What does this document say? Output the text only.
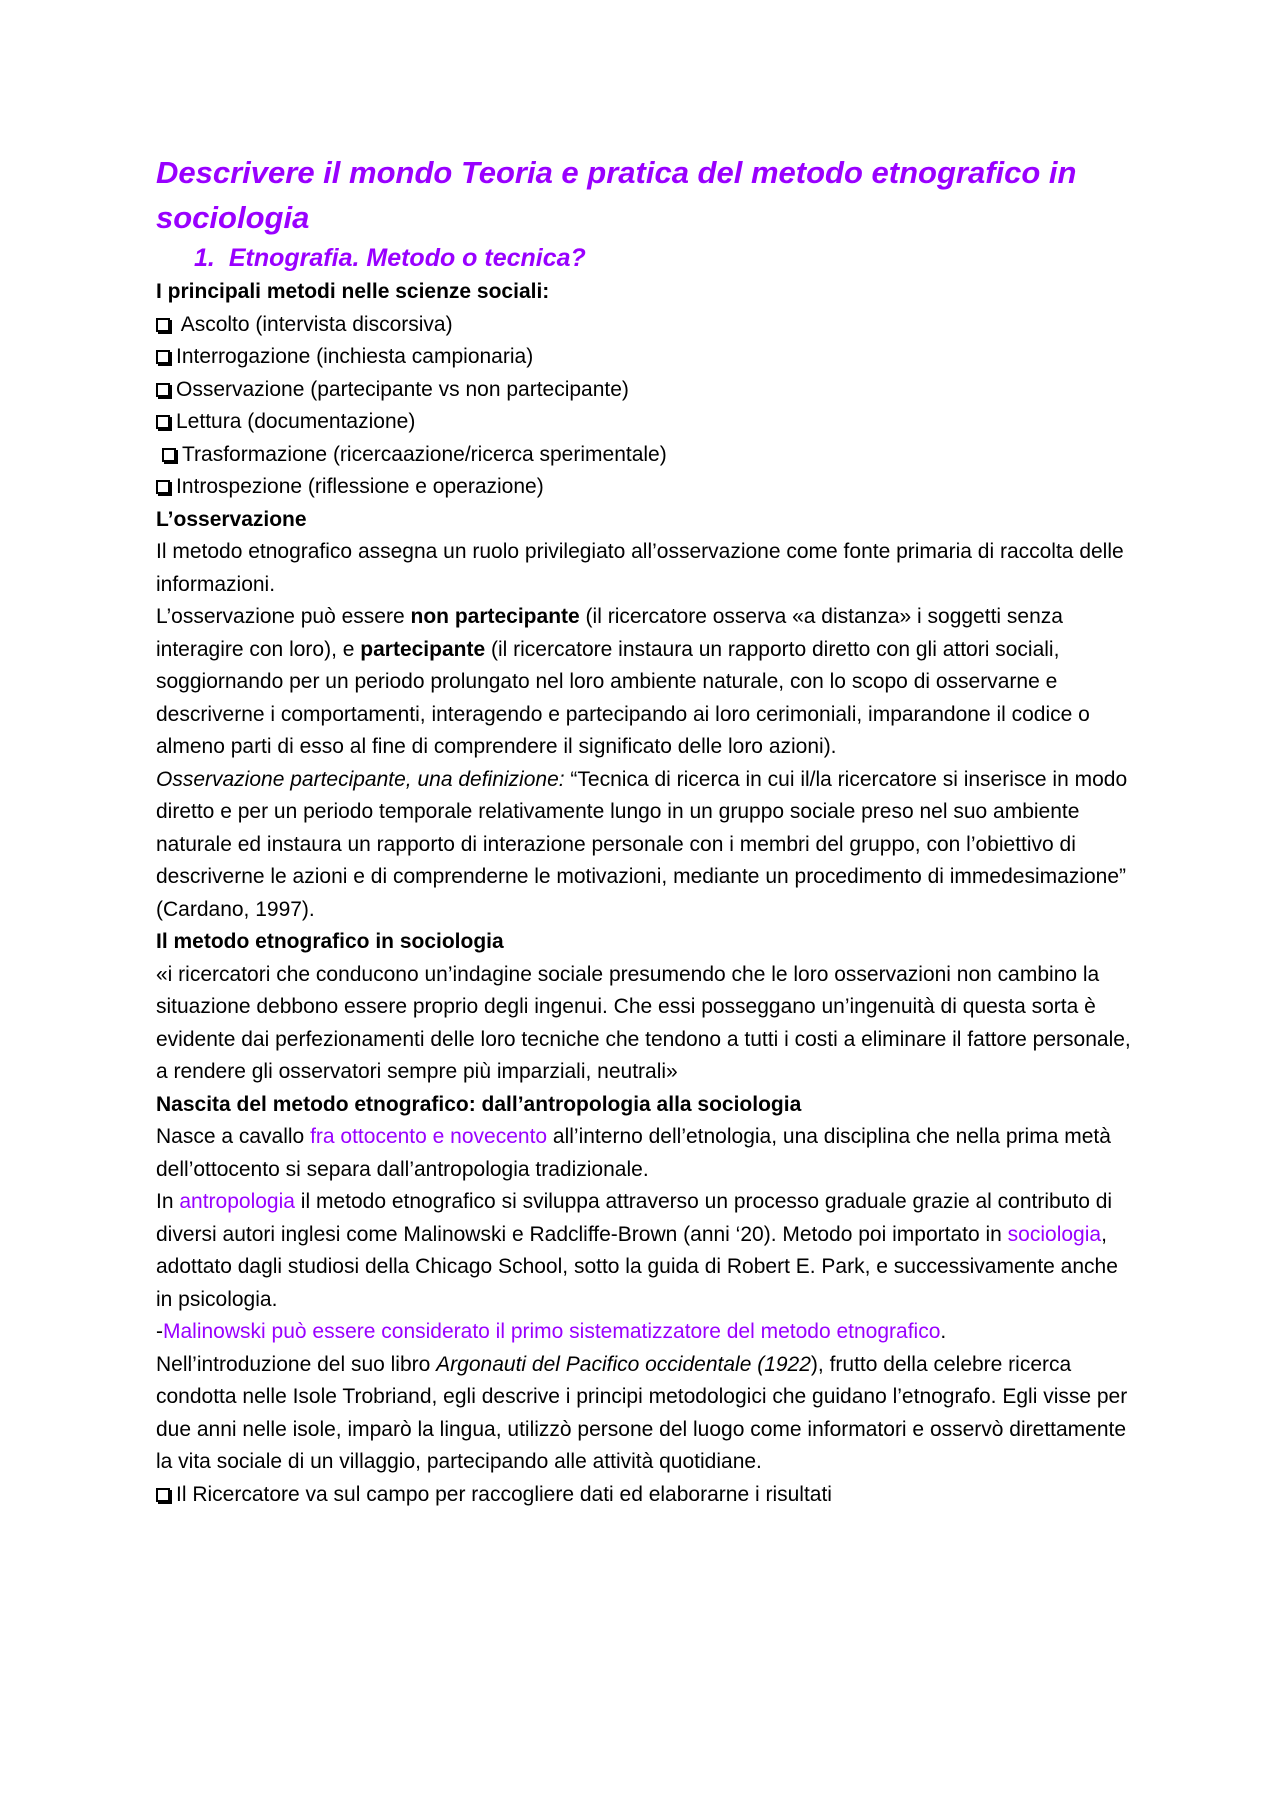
Descrivere il mondo Teoria e pratica del metodo etnografico in sociologia

1. Etnografia. Metodo o tecnica?

I principali metodi nelle scienze sociali:

Ascolto (intervista discorsiva)

Interrogazione (inchiesta campionaria)

Osservazione (partecipante vs non partecipante)

Lettura (documentazione)

Trasformazione (ricercaazione/ricerca sperimentale)

Introspezione (riflessione e operazione)

L’osservazione

Il metodo etnografico assegna un ruolo privilegiato all’osservazione come fonte primaria di raccolta delle informazioni.

L’osservazione può essere non partecipante (il ricercatore osserva «a distanza» i soggetti senza interagire con loro), e partecipante (il ricercatore instaura un rapporto diretto con gli attori sociali, soggiornando per un periodo prolungato nel loro ambiente naturale, con lo scopo di osservarne e descriverne i comportamenti, interagendo e partecipando ai loro cerimoniali, imparandone il codice o almeno parti di esso al fine di comprendere il significato delle loro azioni).

Osservazione partecipante, una definizione: “Tecnica di ricerca in cui il/la ricercatore si inserisce in modo diretto e per un periodo temporale relativamente lungo in un gruppo sociale preso nel suo ambiente naturale ed instaura un rapporto di interazione personale con i membri del gruppo, con l’obiettivo di descriverne le azioni e di comprenderne le motivazioni, mediante un procedimento di immedesimazione” (Cardano, 1997).

Il metodo etnografico in sociologia

«i ricercatori che conducono un’indagine sociale presumendo che le loro osservazioni non cambino la situazione debbono essere proprio degli ingenui. Che essi posseggano un’ingenuità di questa sorta è evidente dai perfezionamenti delle loro tecniche che tendono a tutti i costi a eliminare il fattore personale, a rendere gli osservatori sempre più imparziali, neutrali»

Nascita del metodo etnografico: dall’antropologia alla sociologia

Nasce a cavallo fra ottocento e novecento all’interno dell’etnologia, una disciplina che nella prima metà dell’ottocento si separa dall’antropologia tradizionale.

In antropologia il metodo etnografico si sviluppa attraverso un processo graduale grazie al contributo di diversi autori inglesi come Malinowski e Radcliffe-Brown (anni ‘20). Metodo poi importato in sociologia, adottato dagli studiosi della Chicago School, sotto la guida di Robert E. Park, e successivamente anche in psicologia.

-Malinowski può essere considerato il primo sistematizzatore del metodo etnografico.

Nell’introduzione del suo libro Argonauti del Pacifico occidentale (1922), frutto della celebre ricerca condotta nelle Isole Trobriand, egli descrive i principi metodologici che guidano l’etnografo. Egli visse per due anni nelle isole, imparò la lingua, utilizzò persone del luogo come informatori e osservò direttamente la vita sociale di un villaggio, partecipando alle attività quotidiane.

Il Ricercatore va sul campo per raccogliere dati ed elaborarne i risultati
